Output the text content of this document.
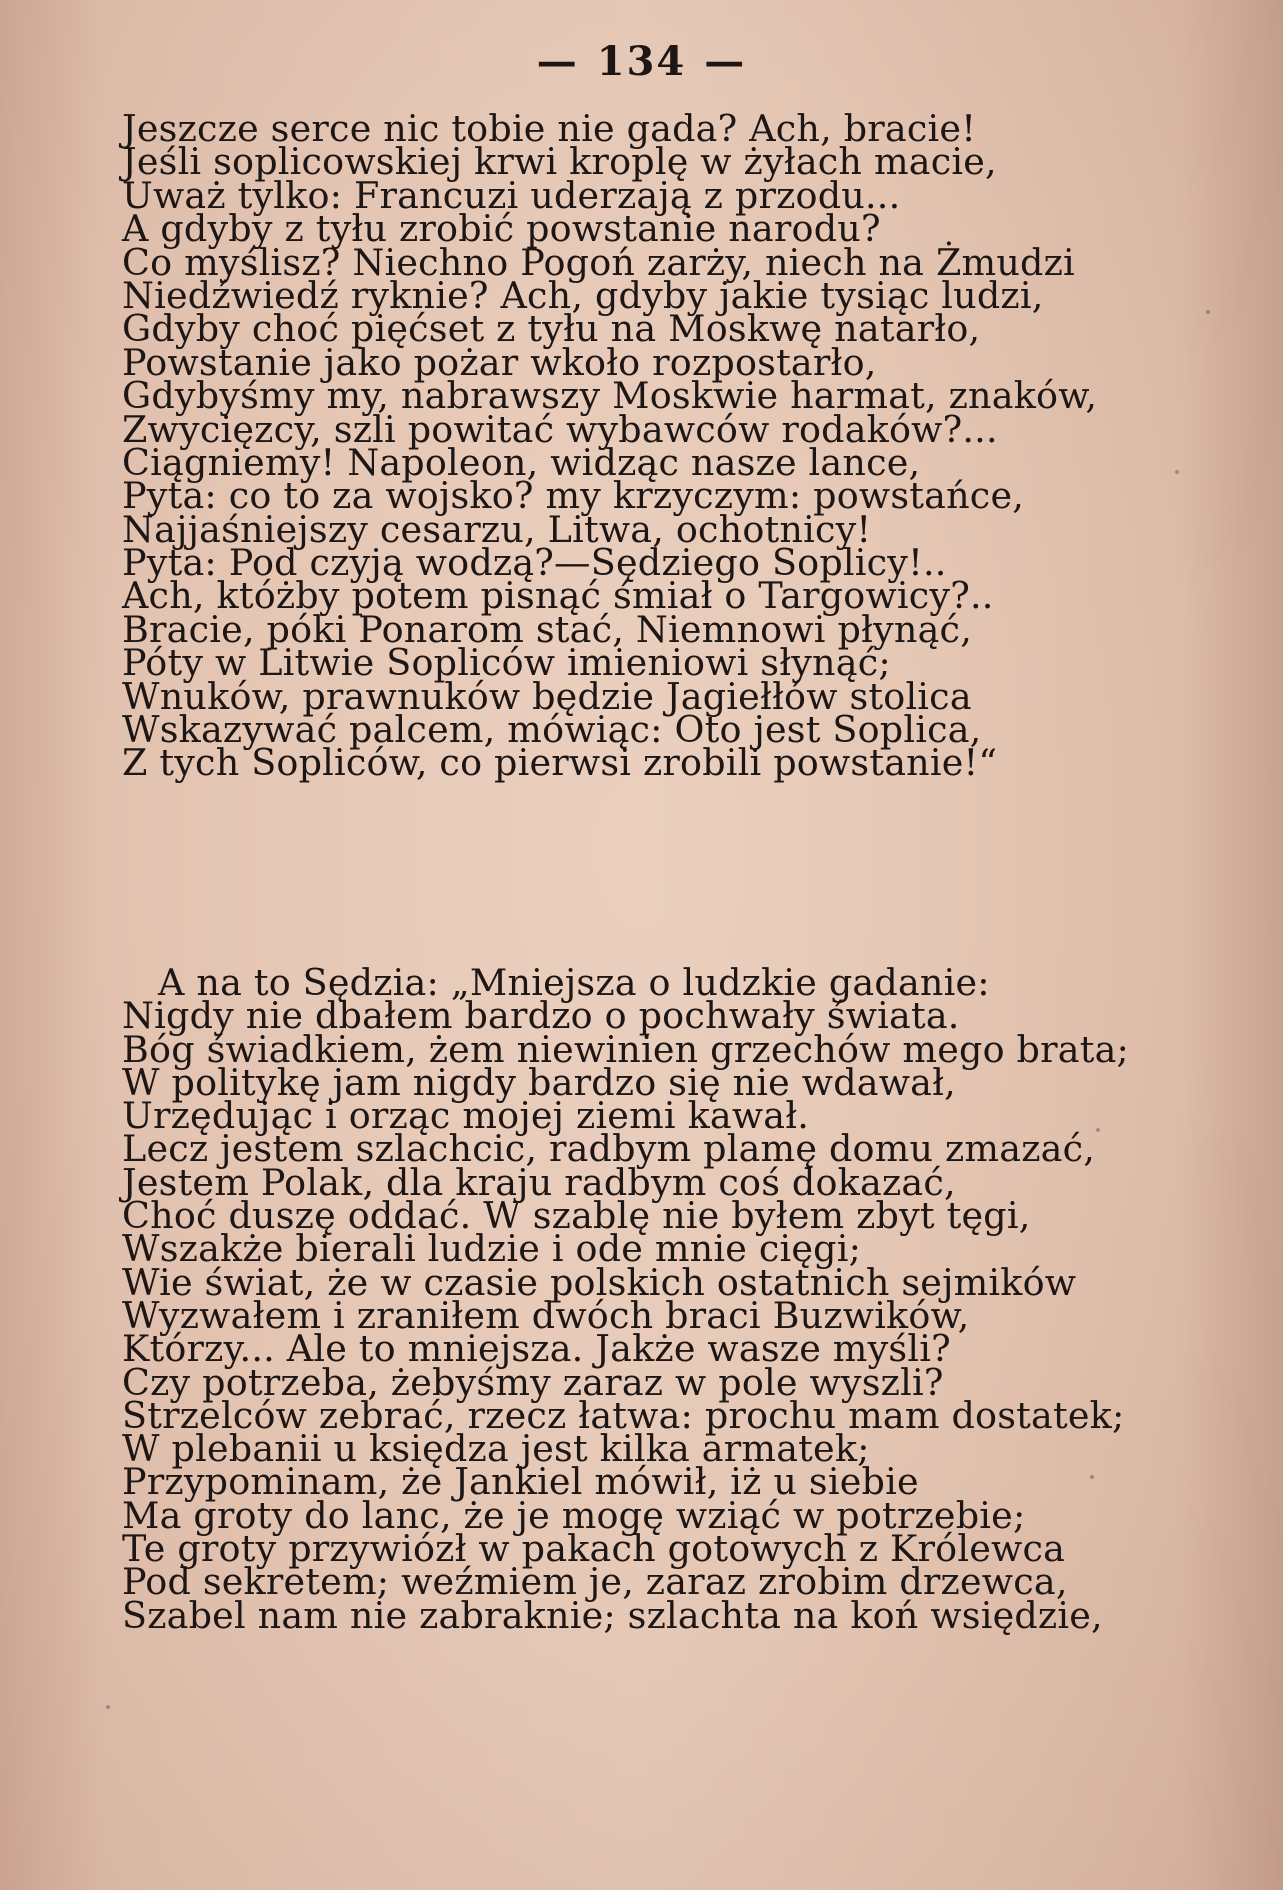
— 134 —
Jeszcze serce nic tobie nie gada? Ach, bracie!
Jeśli soplicowskiej krwi kroplę w żyłach macie,
Uważ tylko: Francuzi uderzają z przodu...
A gdyby z tyłu zrobić powstanie narodu?
Co myślisz? Niechno Pogoń zarży, niech na Żmudzi
Niedźwiedź ryknie? Ach, gdyby jakie tysiąc ludzi,
Gdyby choć pięćset z tyłu na Moskwę natarło,
Powstanie jako pożar wkoło rozpostarło,
Gdybyśmy my, nabrawszy Moskwie harmat, znaków,
Zwycięzcy, szli powitać wybawców rodaków?...
Ciągniemy! Napoleon, widząc nasze lance,
Pyta: co to za wojsko? my krzyczym: powstańce,
Najjaśniejszy cesarzu, Litwa, ochotnicy!
Pyta: Pod czyją wodzą?—Sędziego Soplicy!..
Ach, któżby potem pisnąć śmiał o Targowicy?..
Bracie, póki Ponarom stać, Niemnowi płynąć,
Póty w Litwie Sopliców imieniowi słynąć;
Wnuków, prawnuków będzie Jagiełłów stolica
Wskazywać palcem, mówiąc: Oto jest Soplica,
Z tych Sopliców, co pierwsi zrobili powstanie!“
A na to Sędzia: „Mniejsza o ludzkie gadanie:
Nigdy nie dbałem bardzo o pochwały świata.
Bóg świadkiem, żem niewinien grzechów mego brata;
W politykę jam nigdy bardzo się nie wdawał,
Urzędując i orząc mojej ziemi kawał.
Lecz jestem szlachcic, radbym plamę domu zmazać,
Jestem Polak, dla kraju radbym coś dokazać,
Choć duszę oddać. W szablę nie byłem zbyt tęgi,
Wszakże bierali ludzie i ode mnie cięgi;
Wie świat, że w czasie polskich ostatnich sejmików
Wyzwałem i zraniłem dwóch braci Buzwików,
Którzy... Ale to mniejsza. Jakże wasze myśli?
Czy potrzeba, żebyśmy zaraz w pole wyszli?
Strzelców zebrać, rzecz łatwa: prochu mam dostatek;
W plebanii u księdza jest kilka armatek;
Przypominam, że Jankiel mówił, iż u siebie
Ma groty do lanc, że je mogę wziąć w potrzebie;
Te groty przywiózł w pakach gotowych z Królewca
Pod sekretem; weźmiem je, zaraz zrobim drzewca,
Szabel nam nie zabraknie; szlachta na koń wsiędzie,
